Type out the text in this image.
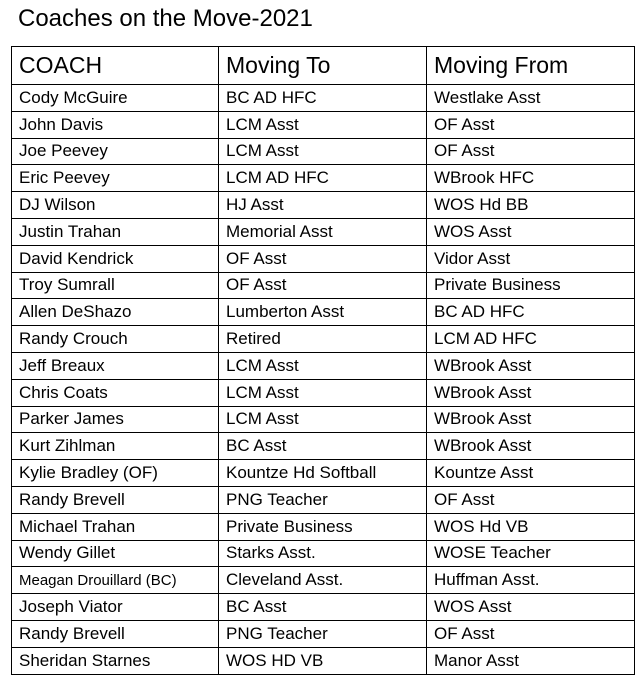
Coaches on the Move-2021
COACH	Moving To	Moving From
Cody McGuire	BC AD HFC	Westlake Asst
John Davis	LCM Asst	OF Asst
Joe Peevey	LCM Asst	OF Asst
Eric Peevey	LCM AD HFC	WBrook HFC
DJ Wilson	HJ Asst	WOS Hd BB
Justin Trahan	Memorial Asst	WOS Asst
David Kendrick	OF Asst	Vidor Asst
Troy Sumrall	OF Asst	Private Business
Allen DeShazo	Lumberton Asst	BC AD HFC
Randy Crouch	Retired	LCM AD HFC
Jeff Breaux	LCM Asst	WBrook Asst
Chris Coats	LCM Asst	WBrook Asst
Parker James	LCM Asst	WBrook Asst
Kurt Zihlman	BC Asst	WBrook Asst
Kylie Bradley (OF)	Kountze Hd Softball	Kountze Asst
Randy Brevell	PNG Teacher	OF Asst
Michael Trahan	Private Business	WOS Hd VB
Wendy Gillet	Starks Asst.	WOSE Teacher
Meagan Drouillard (BC)	Cleveland Asst.	Huffman Asst.
Joseph Viator	BC Asst	WOS Asst
Randy Brevell	PNG Teacher	OF Asst
Sheridan Starnes	WOS HD VB	Manor Asst
